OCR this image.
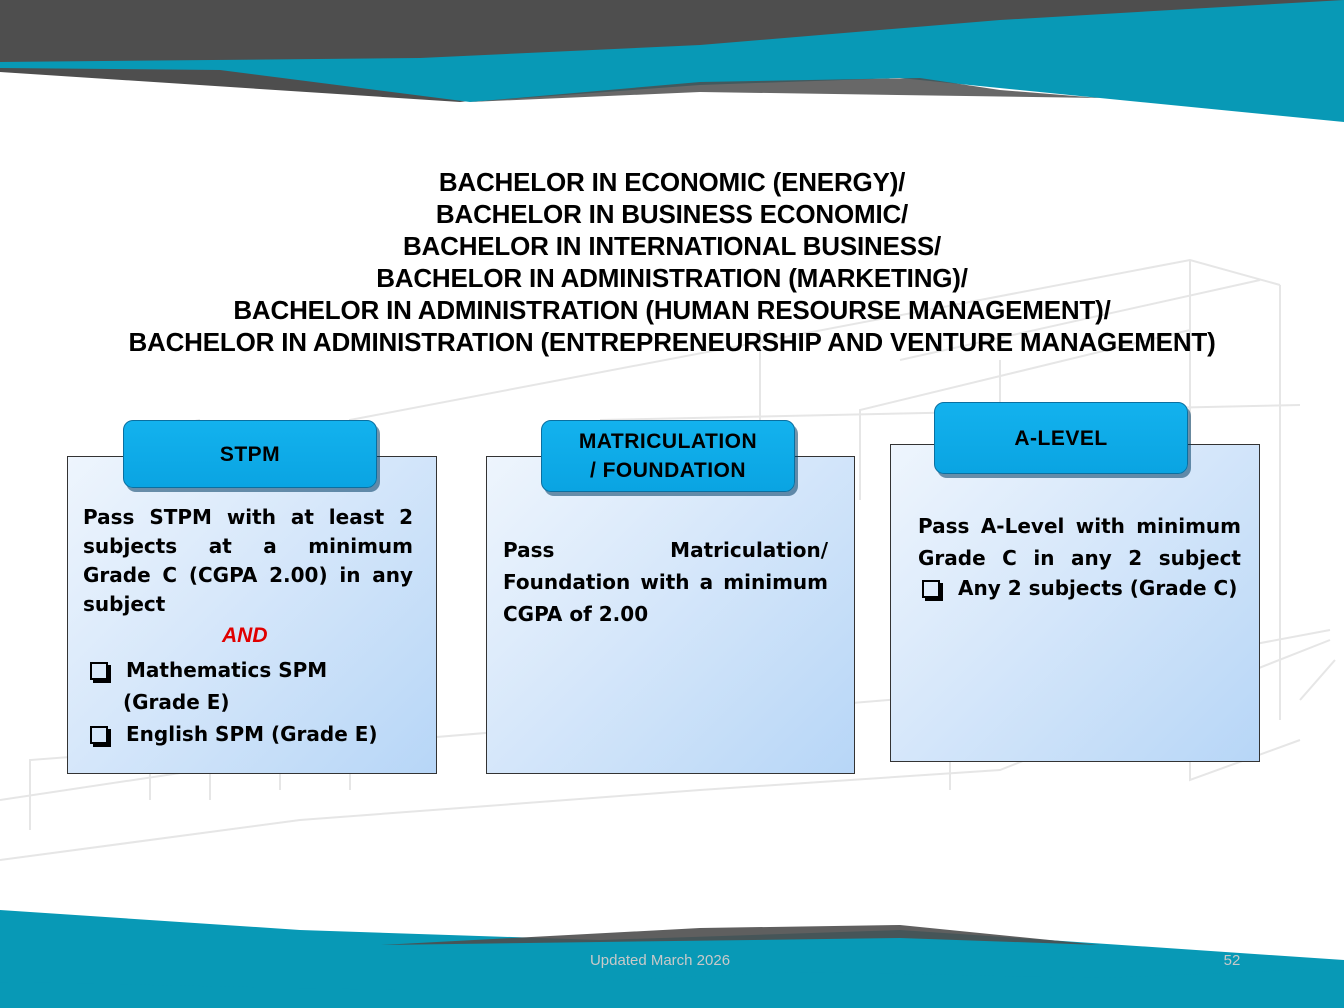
BACHELOR IN ECONOMIC (ENERGY)/
BACHELOR IN BUSINESS ECONOMIC/
BACHELOR IN INTERNATIONAL BUSINESS/
BACHELOR IN ADMINISTRATION (MARKETING)/
BACHELOR IN ADMINISTRATION (HUMAN RESOURSE MANAGEMENT)/
BACHELOR IN ADMINISTRATION (ENTREPRENEURSHIP AND VENTURE MANAGEMENT)
STPM
Pass STPM with at least 2
subjects at a minimum
Grade C (CGPA 2.00) in any
subject
AND
Mathematics SPM
(Grade E)
English SPM (Grade E)
MATRICULATION
/ FOUNDATION
Pass Matriculation/
Foundation with a minimum
CGPA of 2.00
A-LEVEL
Pass A-Level with minimum
Grade C in any 2 subject
Any 2 subjects (Grade C)
Updated March 2026	52
